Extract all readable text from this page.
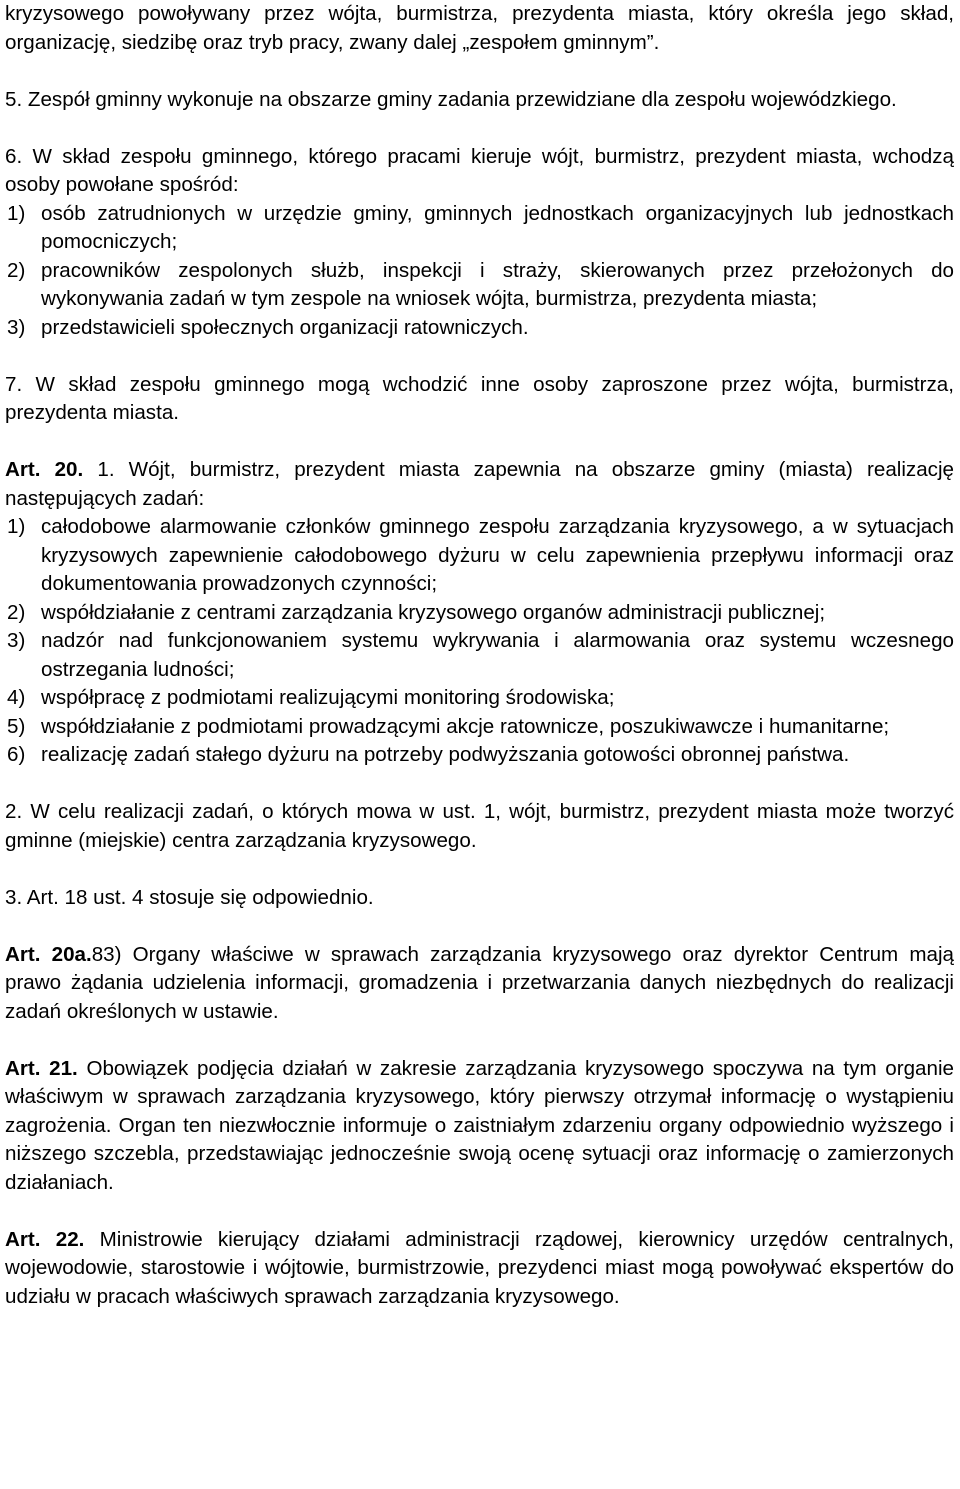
kryzysowego powoływany przez wójta, burmistrza, prezydenta miasta, który określa jego skład, organizację, siedzibę oraz tryb pracy, zwany dalej „zespołem gminnym”.

5. Zespół gminny wykonuje na obszarze gminy zadania przewidziane dla zespołu wojewódzkiego.

6. W skład zespołu gminnego, którego pracami kieruje wójt, burmistrz, prezydent miasta, wchodzą osoby powołane spośród:

1) osób zatrudnionych w urzędzie gminy, gminnych jednostkach organizacyjnych lub jednostkach pomocniczych;
2) pracowników zespolonych służb, inspekcji i straży, skierowanych przez przełożonych do wykonywania zadań w tym zespole na wniosek wójta, burmistrza, prezydenta miasta;
3) przedstawicieli społecznych organizacji ratowniczych.

7. W skład zespołu gminnego mogą wchodzić inne osoby zaproszone przez wójta, burmistrza, prezydenta miasta.

Art. 20. 1. Wójt, burmistrz, prezydent miasta zapewnia na obszarze gminy (miasta) realizację następujących zadań:

1) całodobowe alarmowanie członków gminnego zespołu zarządzania kryzysowego, a w sytuacjach kryzysowych zapewnienie całodobowego dyżuru w celu zapewnienia przepływu informacji oraz dokumentowania prowadzonych czynności;
2) współdziałanie z centrami zarządzania kryzysowego organów administracji publicznej;
3) nadzór nad funkcjonowaniem systemu wykrywania i alarmowania oraz systemu wczesnego ostrzegania ludności;
4) współpracę z podmiotami realizującymi monitoring środowiska;
5) współdziałanie z podmiotami prowadzącymi akcje ratownicze, poszukiwawcze i humanitarne;
6) realizację zadań stałego dyżuru na potrzeby podwyższania gotowości obronnej państwa.

2. W celu realizacji zadań, o których mowa w ust. 1, wójt, burmistrz, prezydent miasta może tworzyć gminne (miejskie) centra zarządzania kryzysowego.

3. Art. 18 ust. 4 stosuje się odpowiednio.

Art. 20a.83) Organy właściwe w sprawach zarządzania kryzysowego oraz dyrektor Centrum mają prawo żądania udzielenia informacji, gromadzenia i przetwarzania danych niezbędnych do realizacji zadań określonych w ustawie.

Art. 21. Obowiązek podjęcia działań w zakresie zarządzania kryzysowego spoczywa na tym organie właściwym w sprawach zarządzania kryzysowego, który pierwszy otrzymał informację o wystąpieniu zagrożenia. Organ ten niezwłocznie informuje o zaistniałym zdarzeniu organy odpowiednio wyższego i niższego szczebla, przedstawiając jednocześnie swoją ocenę sytuacji oraz informację o zamierzonych działaniach.

Art. 22. Ministrowie kierujący działami administracji rządowej, kierownicy urzędów centralnych, wojewodowie, starostowie i wójtowie, burmistrzowie, prezydenci miast mogą powoływać ekspertów do udziału w pracach właściwych sprawach zarządzania kryzysowego.
